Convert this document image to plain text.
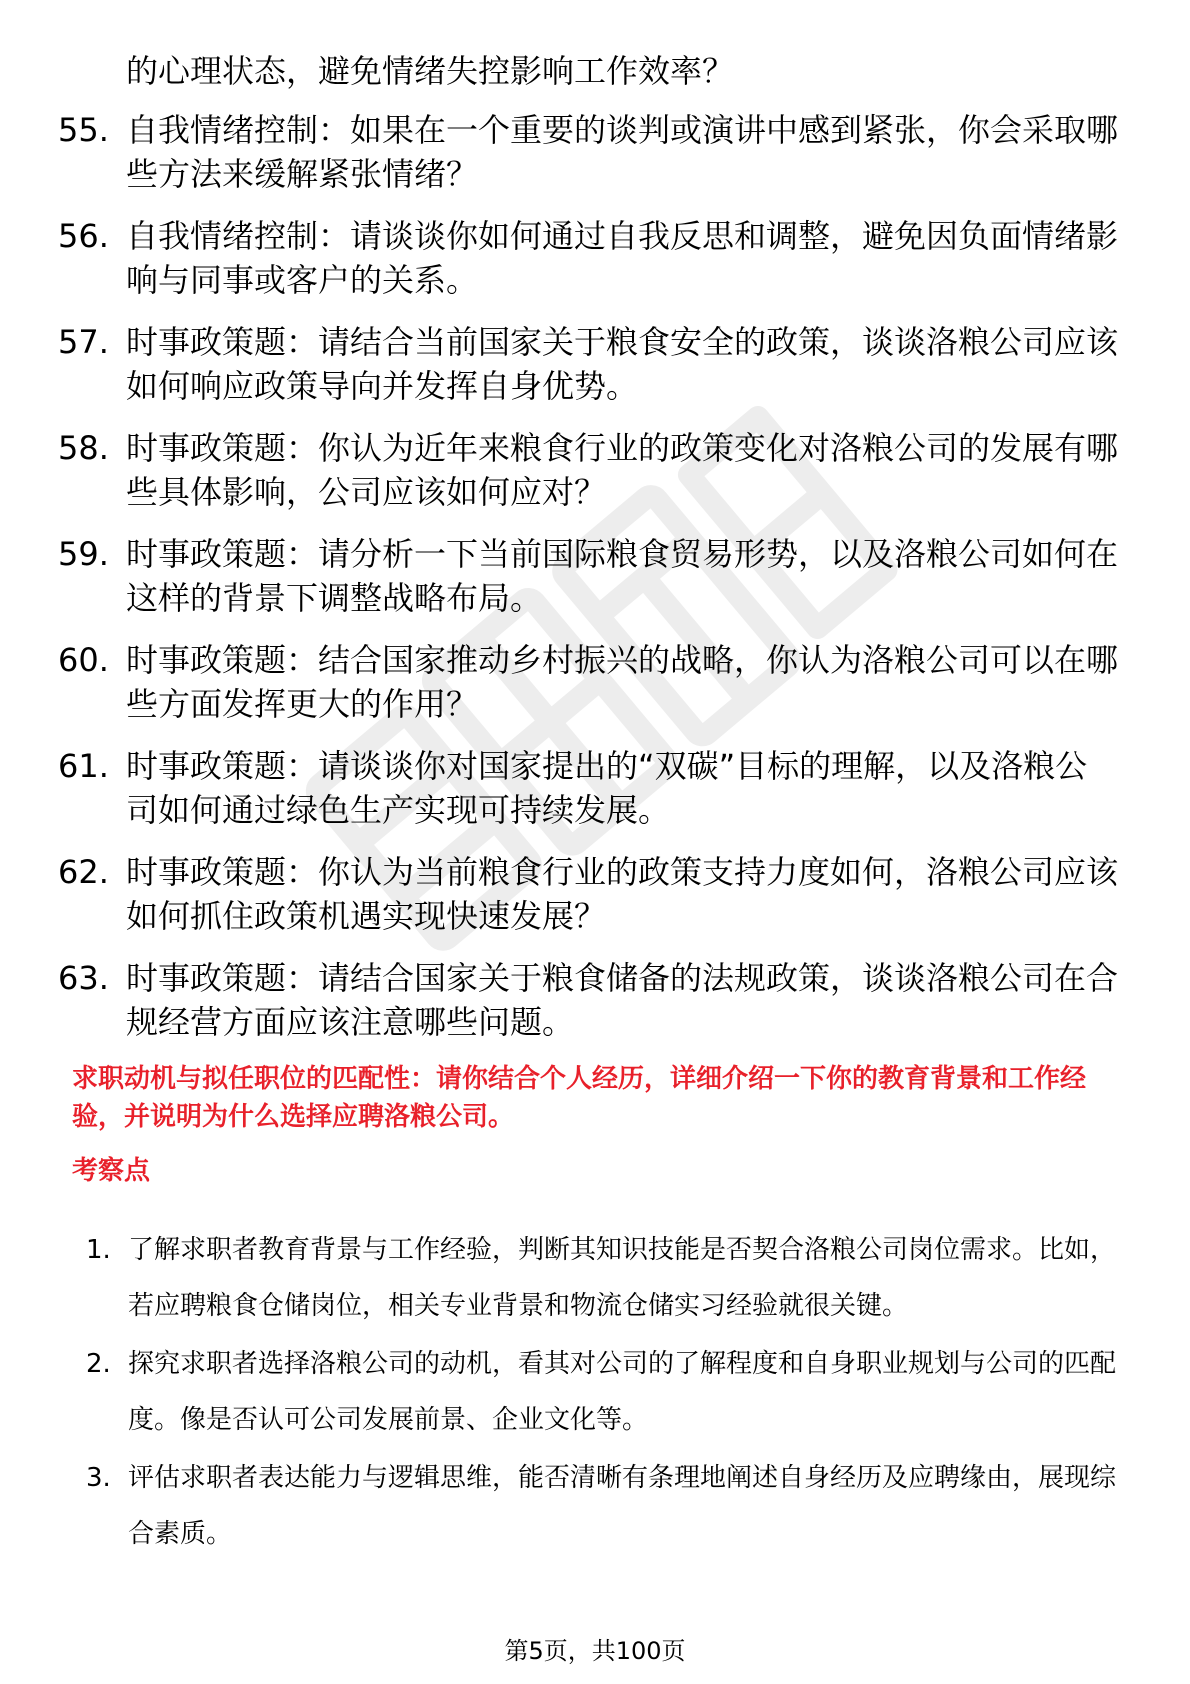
的心理状态，避免情绪失控影响工作效率？
55. 自我情绪控制：如果在一个重要的谈判或演讲中感到紧张，你会采取哪些方法来缓解紧张情绪？
56. 自我情绪控制：请谈谈你如何通过自我反思和调整，避免因负面情绪影响与同事或客户的关系。
57. 时事政策题：请结合当前国家关于粮食安全的政策，谈谈洛粮公司应该如何响应政策导向并发挥自身优势。
58. 时事政策题：你认为近年来粮食行业的政策变化对洛粮公司的发展有哪些具体影响，公司应该如何应对？
59. 时事政策题：请分析一下当前国际粮食贸易形势，以及洛粮公司如何在这样的背景下调整战略布局。
60. 时事政策题：结合国家推动乡村振兴的战略，你认为洛粮公司可以在哪些方面发挥更大的作用？
61. 时事政策题：请谈谈你对国家提出的“双碳”目标的理解，以及洛粮公司如何通过绿色生产实现可持续发展。
62. 时事政策题：你认为当前粮食行业的政策支持力度如何，洛粮公司应该如何抓住政策机遇实现快速发展？
63. 时事政策题：请结合国家关于粮食储备的法规政策，谈谈洛粮公司在合规经营方面应该注意哪些问题。
求职动机与拟任职位的匹配性：请你结合个人经历，详细介绍一下你的教育背景和工作经验，并说明为什么选择应聘洛粮公司。
考察点
1. 了解求职者教育背景与工作经验，判断其知识技能是否契合洛粮公司岗位需求。比如，若应聘粮食仓储岗位，相关专业背景和物流仓储实习经验就很关键。
2. 探究求职者选择洛粮公司的动机，看其对公司的了解程度和自身职业规划与公司的匹配度。像是否认可公司发展前景、企业文化等。
3. 评估求职者表达能力与逻辑思维，能否清晰有条理地阐述自身经历及应聘缘由，展现综合素质。
第5页，共100页
